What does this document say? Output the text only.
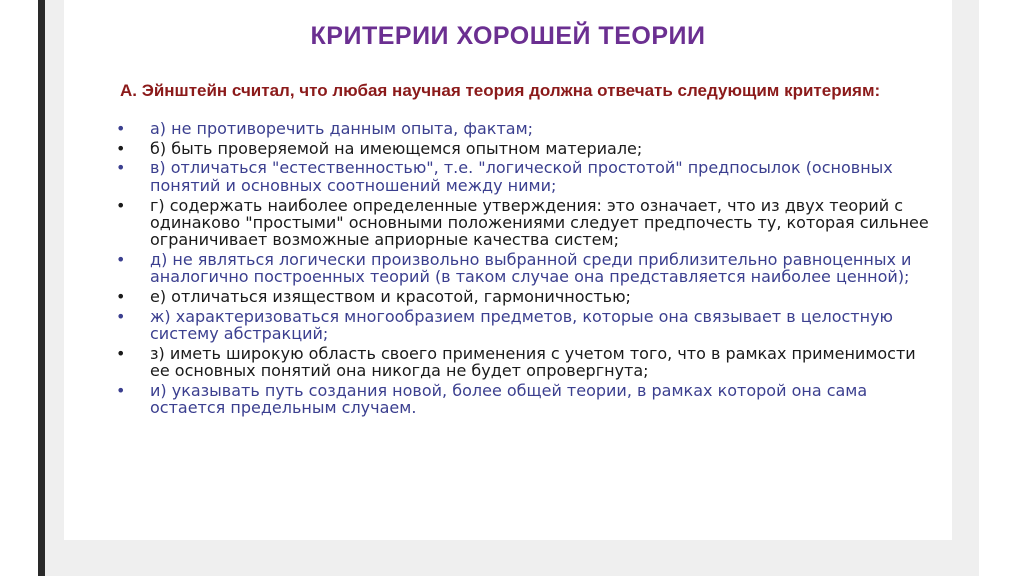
КРИТЕРИИ ХОРОШЕЙ ТЕОРИИ
А. Эйнштейн считал, что любая научная теория должна отвечать следующим критериям:
•	а) не противоречить данным опыта, фактам;
•	б) быть проверяемой на имеющемся опытном материале;
•	в) отличаться "естественностью", т.е. "логической простотой" предпосылок (основных понятий и основных соотношений между ними;
•	г) содержать наиболее определенные утверждения: это означает, что из двух теорий с одинаково "простыми" основными положениями следует предпочесть ту, которая сильнее ограничивает возможные априорные качества систем;
•	д) не являться логически произвольно выбранной среди приблизительно равноценных и аналогично построенных теорий (в таком случае она представляется наиболее ценной);
•	е) отличаться изяществом и красотой, гармоничностью;
•	ж) характеризоваться многообразием предметов, которые она связывает в целостную систему абстракций;
•	з) иметь широкую область своего применения с учетом того, что в рамках применимости ее основных понятий она никогда не будет опровергнута;
•	и) указывать путь создания новой, более общей теории, в рамках которой она сама остается предельным случаем.
